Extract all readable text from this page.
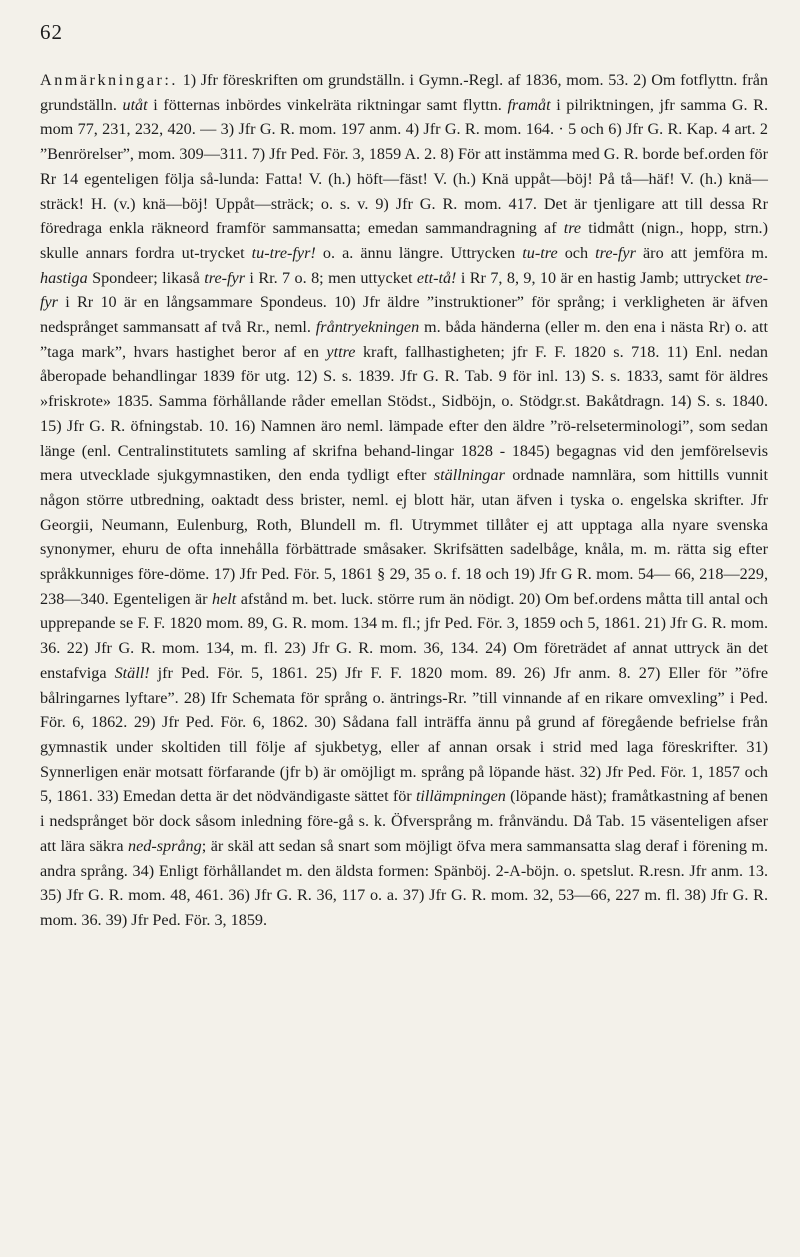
62

Anmärkningar:. 1) Jfr föreskriften om grundställn. i Gymn.-Regl. af 1836, mom. 53. 2) Om fotflyttn. från grundställn. utåt i fötternas inbördes vinkelräta riktningar samt flyttn. framåt i pilriktningen, jfr samma G. R. mom 77, 231, 232, 420. — 3) Jfr G. R. mom. 197 anm. 4) Jfr G. R. mom. 164. · 5 och 6) Jfr G. R. Kap. 4 art. 2 ”Benrörelser”, mom. 309—311. 7) Jfr Ped. För. 3, 1859 A. 2. 8) För att instämma med G. R. borde bef.orden för Rr 14 egenteligen följa så-lunda: Fatta! V. (h.) höft—fäst! V. (h.) Knä uppåt—böj! På tå—häf! V. (h.) knä—sträck! H. (v.) knä—böj! Uppåt—sträck; o. s. v. 9) Jfr G. R. mom. 417. Det är tjenligare att till dessa Rr föredraga enkla räkneord framför sammansatta; emedan sammandragning af tre tidmått (nign., hopp, strn.) skulle annars fordra ut-trycket tu-tre-fyr! o. a. ännu längre. Uttrycken tu-tre och tre-fyr äro att jemföra m. hastiga Spondeer; likaså tre-fyr i Rr. 7 o. 8; men uttycket ett-tå! i Rr 7, 8, 9, 10 är en hastig Jamb; uttrycket tre-fyr i Rr 10 är en långsammare Spondeus. 10) Jfr äldre ”instruktioner” för språng; i verkligheten är äfven nedsprånget sammansatt af två Rr., neml. fråntryekningen m. båda händerna (eller m. den ena i nästa Rr) o. att ”taga mark”, hvars hastighet beror af en yttre kraft, fallhastigheten; jfr F. F. 1820 s. 718. 11) Enl. nedan åberopade behandlingar 1839 för utg. 12) S. s. 1839. Jfr G. R. Tab. 9 för inl. 13) S. s. 1833, samt för äldres »friskrote» 1835. Samma förhållande råder emellan Stödst., Sidböjn, o. Stödgr.st. Bakåtdragn. 14) S. s. 1840. 15) Jfr G. R. öfningstab. 10. 16) Namnen äro neml. lämpade efter den äldre ”rö-relseterminologi”, som sedan länge (enl. Centralinstitutets samling af skrifna behand-lingar 1828 - 1845) begagnas vid den jemförelsevis mera utvecklade sjukgymnastiken, den enda tydligt efter ställningar ordnade namnlära, som hittills vunnit någon större utbredning, oaktadt dess brister, neml. ej blott här, utan äfven i tyska o. engelska skrifter. Jfr Georgii, Neumann, Eulenburg, Roth, Blundell m. fl. Utrymmet tillåter ej att upptaga alla nyare svenska synonymer, ehuru de ofta innehålla förbättrade småsaker. Skrifsätten sadelbåge, knåla, m. m. rätta sig efter språkkunniges före-döme. 17) Jfr Ped. För. 5, 1861 § 29, 35 o. f. 18 och 19) Jfr G R. mom. 54— 66, 218—229, 238—340. Egenteligen är helt afstånd m. bet. luck. större rum än nödigt. 20) Om bef.ordens måtta till antal och upprepande se F. F. 1820 mom. 89, G. R. mom. 134 m. fl.; jfr Ped. För. 3, 1859 och 5, 1861. 21) Jfr G. R. mom. 36. 22) Jfr G. R. mom. 134, m. fl. 23) Jfr G. R. mom. 36, 134. 24) Om företrädet af annat uttryck än det enstafviga Ställ! jfr Ped. För. 5, 1861. 25) Jfr F. F. 1820 mom. 89. 26) Jfr anm. 8. 27) Eller för ”öfre bålringarnes lyftare”. 28) Ifr Schemata för språng o. äntrings-Rr. ”till vinnande af en rikare omvexling” i Ped. För. 6, 1862. 29) Jfr Ped. För. 6, 1862. 30) Sådana fall inträffa ännu på grund af föregående befrielse från gymnastik under skoltiden till följe af sjukbetyg, eller af annan orsak i strid med laga föreskrifter. 31) Synnerligen enär motsatt förfarande (jfr b) är omöjligt m. språng på löpande häst. 32) Jfr Ped. För. 1, 1857 och 5, 1861. 33) Emedan detta är det nödvändigaste sättet för tillämpningen (löpande häst); framåtkastning af benen i nedsprånget bör dock såsom inledning före-gå s. k. Öfversprång m. frånvändu. Då Tab. 15 väsenteligen afser att lära säkra ned-språng; är skäl att sedan så snart som möjligt öfva mera sammansatta slag deraf i förening m. andra språng. 34) Enligt förhållandet m. den äldsta formen: Spänböj. 2-A-böjn. o. spetslut. R.resn. Jfr anm. 13. 35) Jfr G. R. mom. 48, 461. 36) Jfr G. R. 36, 117 o. a. 37) Jfr G. R. mom. 32, 53—66, 227 m. fl. 38) Jfr G. R. mom. 36. 39) Jfr Ped. För. 3, 1859.
